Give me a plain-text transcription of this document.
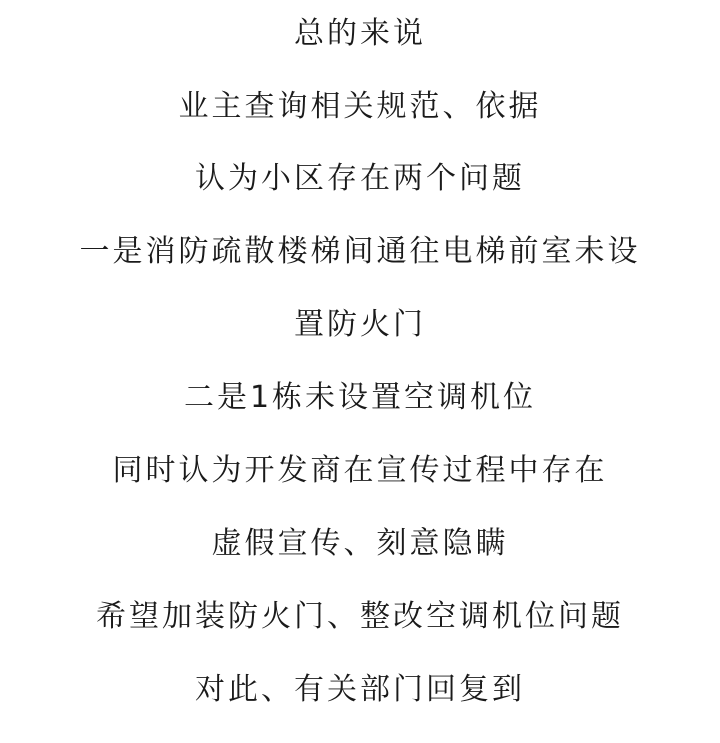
总的来说
业主查询相关规范、依据
认为小区存在两个问题
一是消防疏散楼梯间通往电梯前室未设
置防火门
二是1栋未设置空调机位
同时认为开发商在宣传过程中存在
虚假宣传、刻意隐瞒
希望加装防火门、整改空调机位问题
对此、有关部门回复到
